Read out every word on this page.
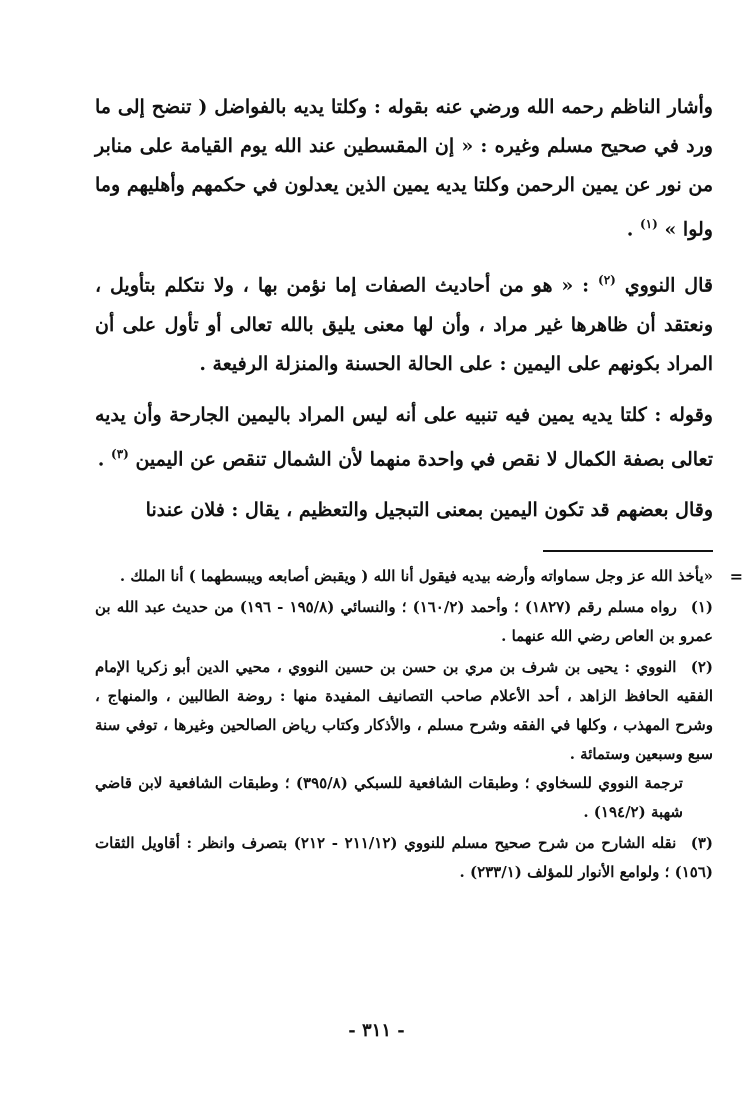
وأشار الناظم رحمه الله ورضي عنه بقوله : وكلتا يديه بالفواضل ( تنضح إلى ما ورد في صحيح مسلم وغيره : « إن المقسطين عند الله يوم القيامة على منابر من نور عن يمين الرحمن وكلتا يديه يمين الذين يعدلون في حكمهم وأهليهم وما ولوا » $^{(١)}$ .

قال النووي $^{(٢)}$ : « هو من أحاديث الصفات إما نؤمن بها ، ولا نتكلم بتأويل ، ونعتقد أن ظاهرها غير مراد ، وأن لها معنى يليق بالله تعالى أو تأول على أن المراد بكونهم على اليمين : على الحالة الحسنة والمنزلة الرفيعة .

وقوله : كلتا يديه يمين فيه تنبيه على أنه ليس المراد باليمين الجارحة وأن يديه تعالى بصفة الكمال لا نقص في واحدة منهما لأن الشمال تنقص عن اليمين $^{(٣)}$ .

وقال بعضهم قد تكون اليمين بمعنى التبجيل والتعظيم ، يقال : فلان عندنا

=
«يأخذ الله عز وجل سماواته وأرضه بيديه فيقول أنا الله ( ويقبض أصابعه ويبسطهما ) أنا الملك .

(١) رواه مسلم رقم (١٨٢٧) ؛ وأحمد (١٦٠/٢) ؛ والنسائي (١٩٥/٨ - ١٩٦) من حديث عبد الله بن عمرو بن العاص رضي الله عنهما .

(٢) النووي : يحيى بن شرف بن مري بن حسن بن حسين النووي ، محيي الدين أبو زكريا الإمام الفقيه الحافظ الزاهد ، أحد الأعلام صاحب التصانيف المفيدة منها : روضة الطالبين ، والمنهاج ، وشرح المهذب ، وكلها في الفقه وشرح مسلم ، والأذكار وكتاب رياض الصالحين وغيرها ، توفي سنة سبع وسبعين وستمائة .
ترجمة النووي للسخاوي ؛ وطبقات الشافعية للسبكي (٣٩٥/٨) ؛ وطبقات الشافعية لابن قاضي شهبة (١٩٤/٢) .

(٣) نقله الشارح من شرح صحيح مسلم للنووي (٢١١/١٢ - ٢١٢) بتصرف وانظر : أقاويل الثقات (١٥٦) ؛ ولوامع الأنوار للمؤلف (٢٣٣/١) .

- ٣١١ -
